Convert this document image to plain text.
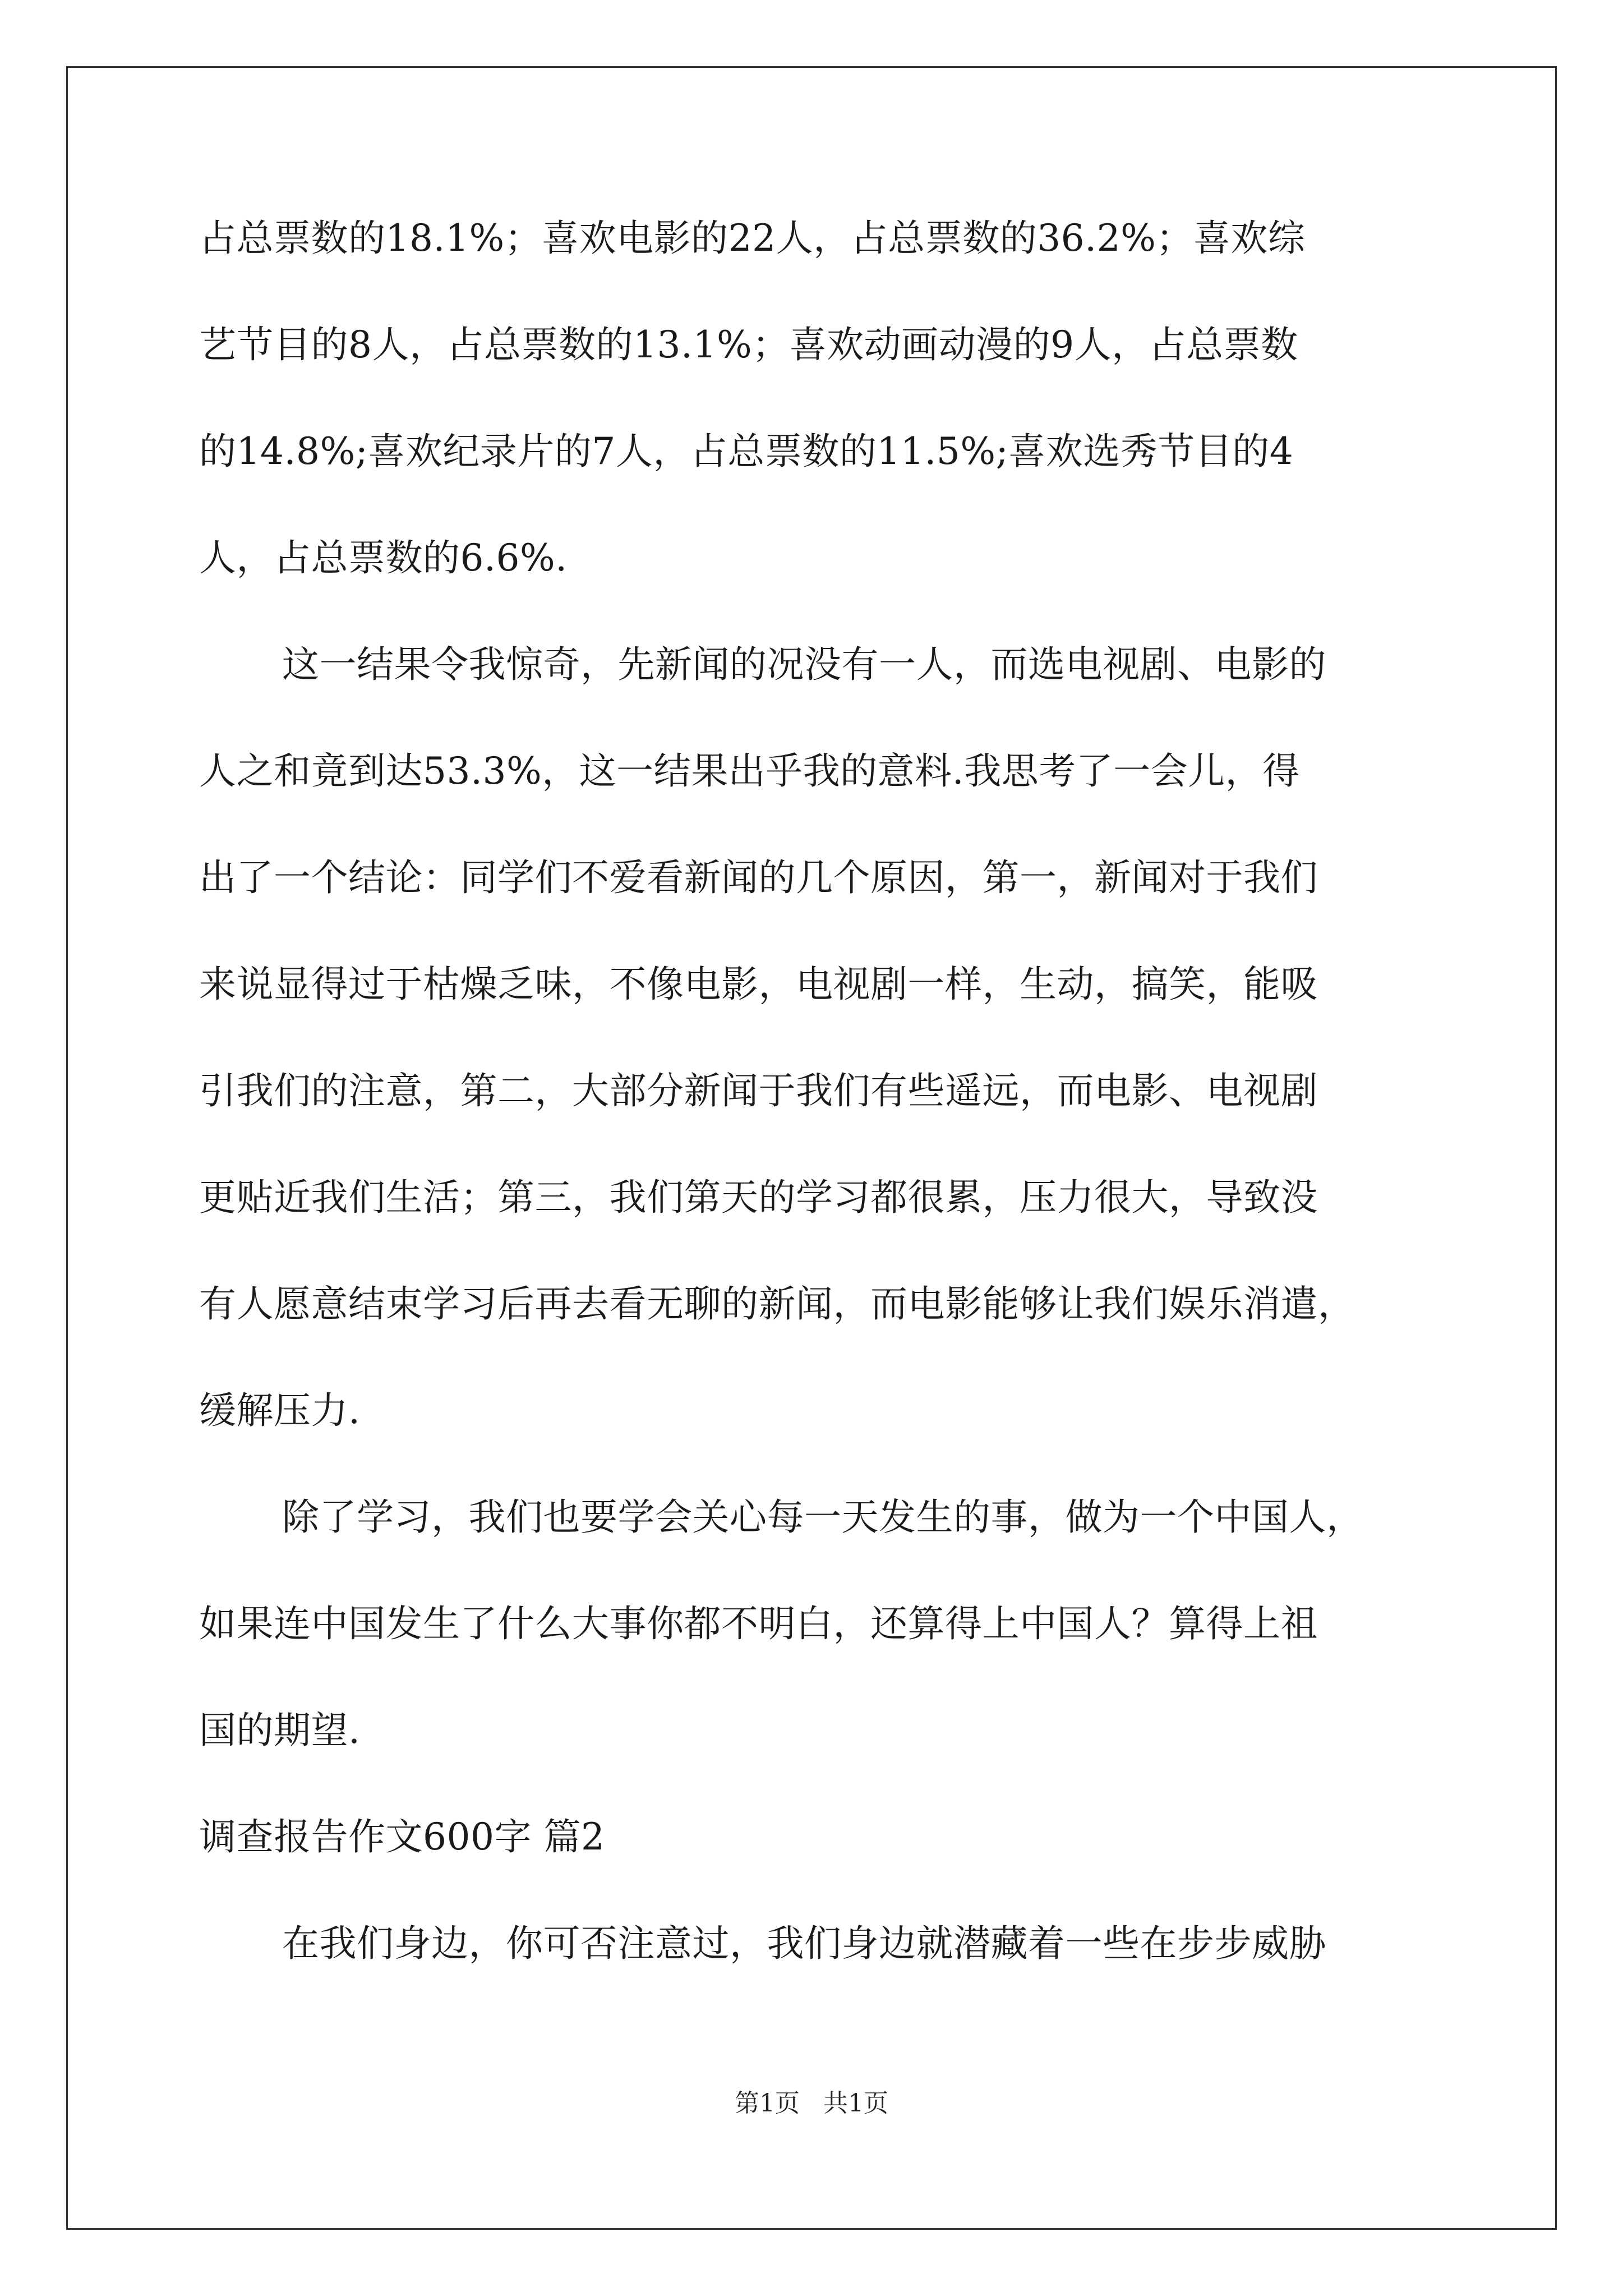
占总票数的18.1%；喜欢电影的22人，占总票数的36.2%；喜欢综
艺节目的8人，占总票数的13.1%；喜欢动画动漫的9人，占总票数
的14.8%;喜欢纪录片的7人，占总票数的11.5%;喜欢选秀节目的4
人，占总票数的6.6%.
这一结果令我惊奇，先新闻的况没有一人，而选电视剧、电影的
人之和竟到达53.3%，这一结果出乎我的意料.我思考了一会儿，得
出了一个结论：同学们不爱看新闻的几个原因，第一，新闻对于我们
来说显得过于枯燥乏味，不像电影，电视剧一样，生动，搞笑，能吸
引我们的注意，第二，大部分新闻于我们有些遥远，而电影、电视剧
更贴近我们生活；第三，我们第天的学习都很累，压力很大，导致没
有人愿意结束学习后再去看无聊的新闻，而电影能够让我们娱乐消遣，
缓解压力.
除了学习，我们也要学会关心每一天发生的事，做为一个中国人，
如果连中国发生了什么大事你都不明白，还算得上中国人？算得上祖
国的期望.
调查报告作文600字 篇2
在我们身边，你可否注意过，我们身边就潜藏着一些在步步威胁
第1页   共1页
